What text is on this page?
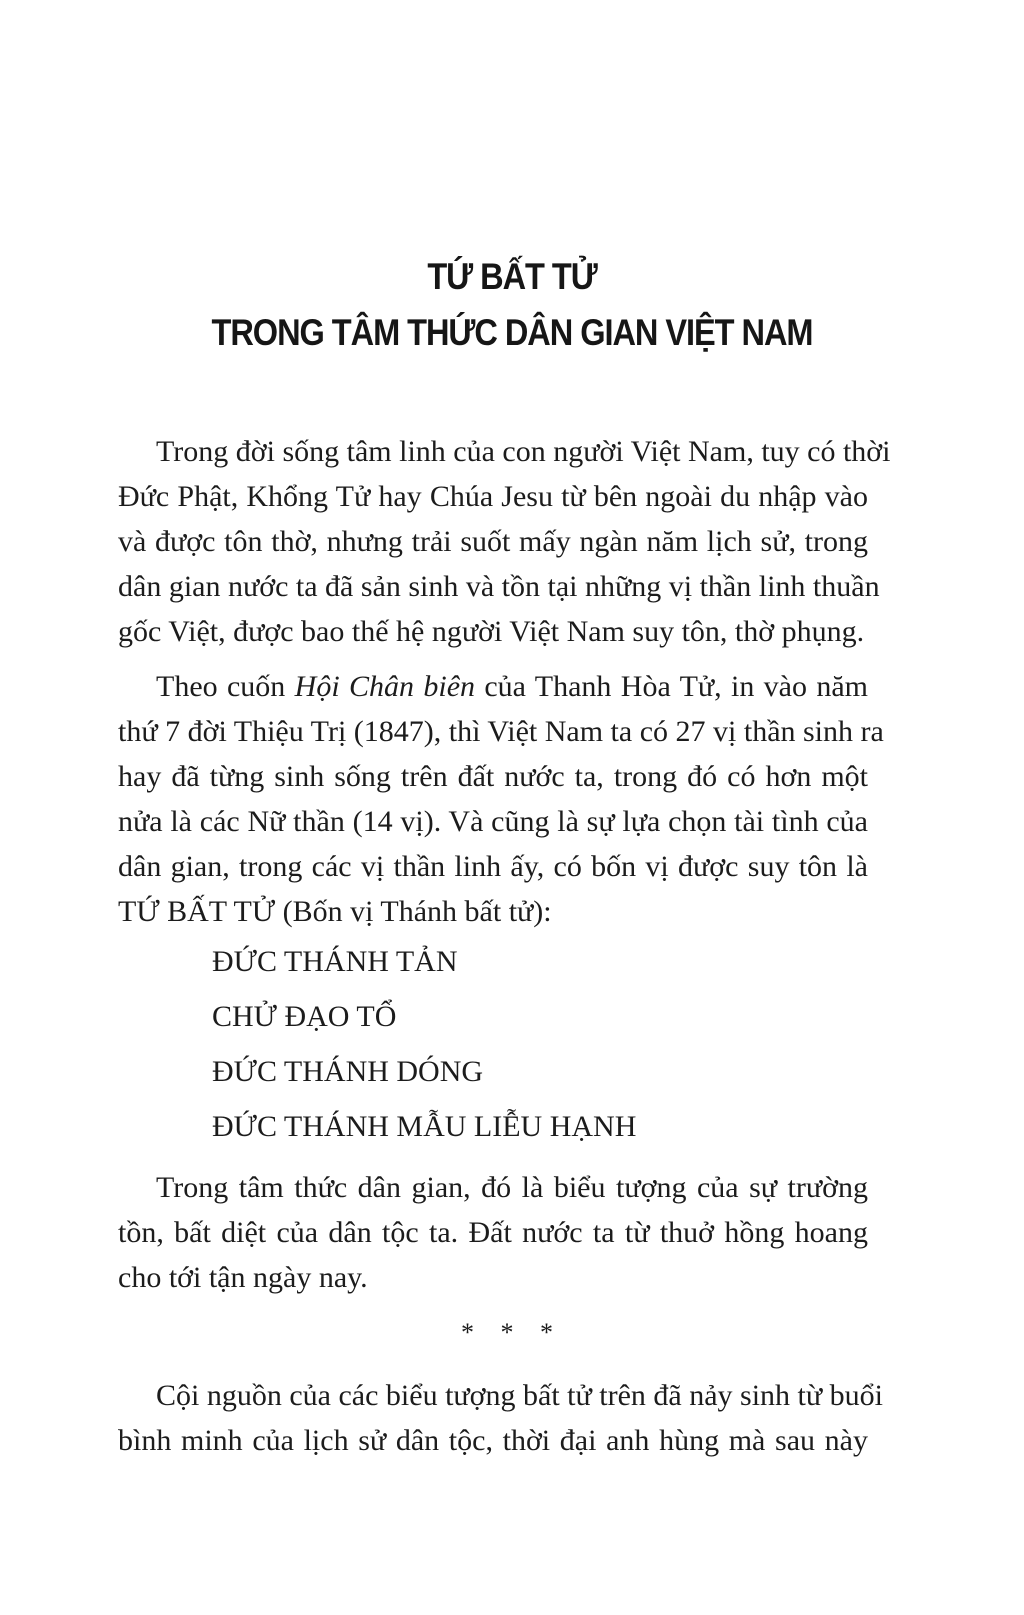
TỨ BẤT TỬ
TRONG TÂM THỨC DÂN GIAN VIỆT NAM
Trong đời sống tâm linh của con người Việt Nam, tuy có thời
Đức Phật, Khổng Tử hay Chúa Jesu từ bên ngoài du nhập vào
và được tôn thờ, nhưng trải suốt mấy ngàn năm lịch sử, trong
dân gian nước ta đã sản sinh và tồn tại những vị thần linh thuần
gốc Việt, được bao thế hệ người Việt Nam suy tôn, thờ phụng.
Theo cuốn Hội Chân biên của Thanh Hòa Tử, in vào năm
thứ 7 đời Thiệu Trị (1847), thì Việt Nam ta có 27 vị thần sinh ra
hay đã từng sinh sống trên đất nước ta, trong đó có hơn một
nửa là các Nữ thần (14 vị). Và cũng là sự lựa chọn tài tình của
dân gian, trong các vị thần linh ấy, có bốn vị được suy tôn là
TỨ BẤT TỬ (Bốn vị Thánh bất tử):
ĐỨC THÁNH TẢN
CHỬ ĐẠO TỔ
ĐỨC THÁNH DÓNG
ĐỨC THÁNH MẪU LIỄU HẠNH
Trong tâm thức dân gian, đó là biểu tượng của sự trường
tồn, bất diệt của dân tộc ta. Đất nước ta từ thuở hồng hoang
cho tới tận ngày nay.
* * *
Cội nguồn của các biểu tượng bất tử trên đã nảy sinh từ buổi
bình minh của lịch sử dân tộc, thời đại anh hùng mà sau này
